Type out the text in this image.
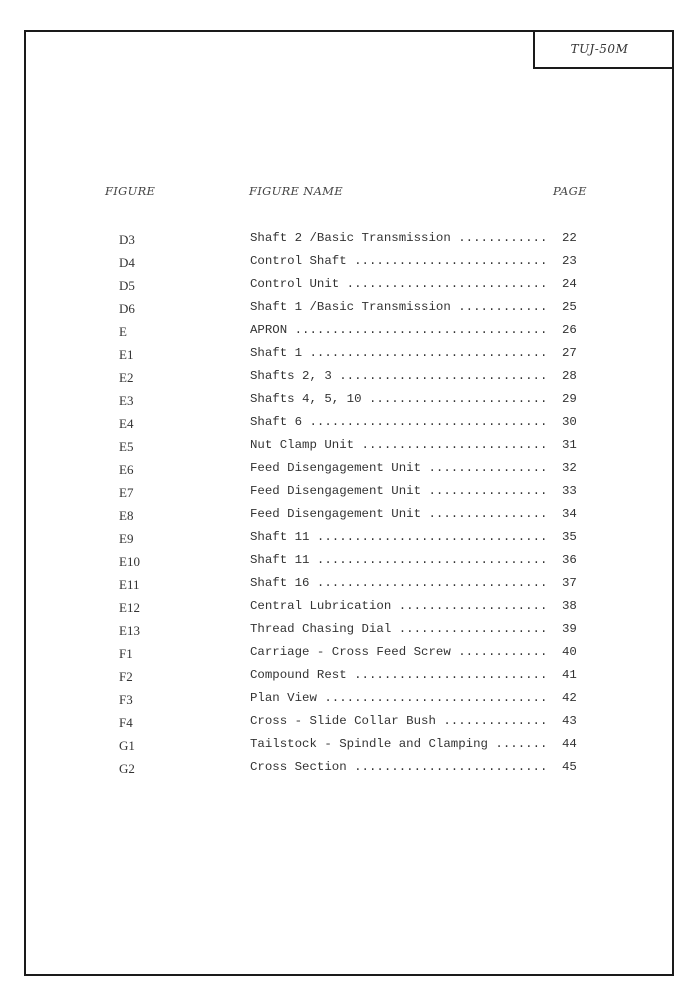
TUJ-50M
FIGURE	FIGURE NAME	PAGE
D3	Shaft 2 /Basic Transmission ............	22
D4	Control Shaft ..........................	23
D5	Control Unit ...........................	24
D6	Shaft 1 /Basic Transmission ............	25
E	APRON ..................................	26
E1	Shaft 1 ................................	27
E2	Shafts 2, 3 ............................	28
E3	Shafts 4, 5, 10 ........................	29
E4	Shaft 6 ................................	30
E5	Nut Clamp Unit .........................	31
E6	Feed Disengagement Unit ................	32
E7	Feed Disengagement Unit ................	33
E8	Feed Disengagement Unit ................	34
E9	Shaft 11 ...............................	35
E10	Shaft 11 ...............................	36
E11	Shaft 16 ...............................	37
E12	Central Lubrication ....................	38
E13	Thread Chasing Dial ....................	39
F1	Carriage - Cross Feed Screw ............	40
F2	Compound Rest ..........................	41
F3	Plan View ..............................	42
F4	Cross - Slide Collar Bush ..............	43
G1	Tailstock - Spindle and Clamping .......	44
G2	Cross Section ..........................	45
